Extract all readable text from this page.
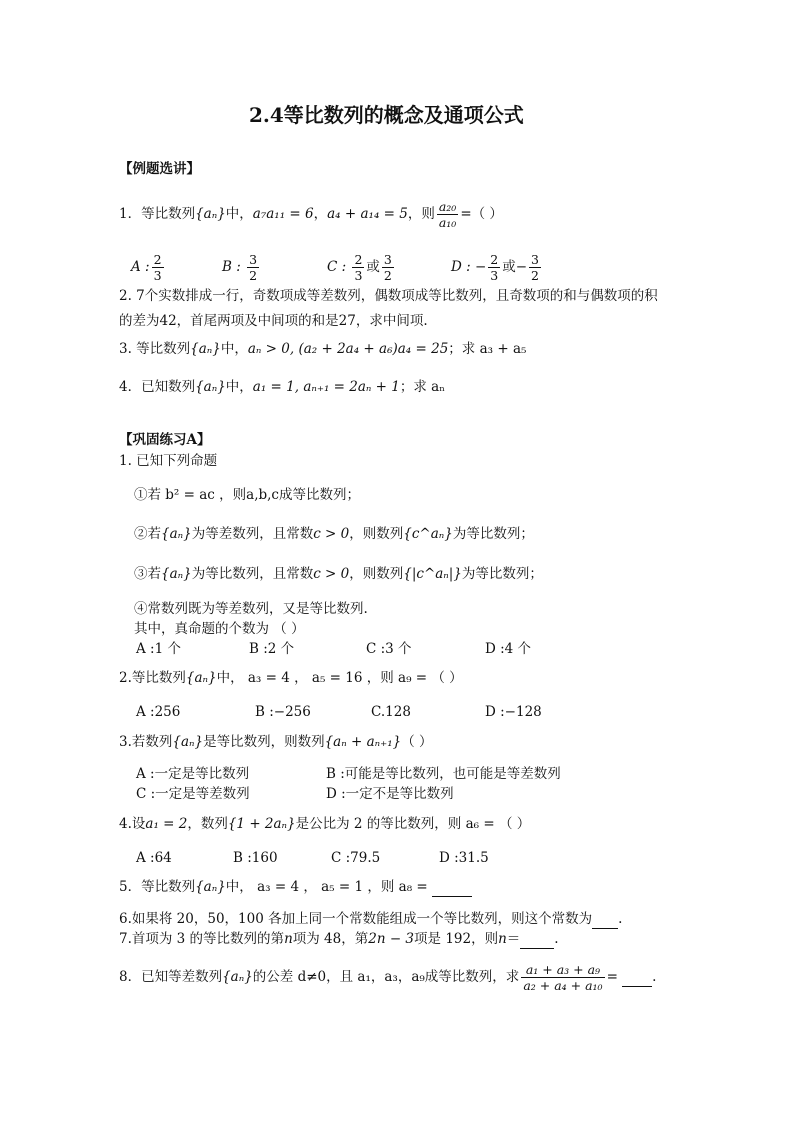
2.4等比数列的概念及通项公式
【例题选讲】
1．等比数列{aₙ}中，a₇a₁₁ = 6，a₄ + a₁₄ = 5，则 $\frac{\text{a₂₀}}{\text{a₁₀}}$ =（ ）
A : $\frac{2}{3}$	B : $\frac{3}{2}$	C : $\frac{2}{3}$ 或 $\frac{3}{2}$	D : − $\frac{2}{3}$ 或− $\frac{3}{2}$
2. 7个实数排成一行，奇数项成等差数列，偶数项成等比数列，且奇数项的和与偶数项的积
的差为42，首尾两项及中间项的和是27，求中间项.
3. 等比数列{aₙ}中，aₙ > 0, (a₂ + 2a₄ + a₆)a₄ = 25；求 a₃ + a₅
4．已知数列{aₙ}中，a₁ = 1, aₙ₊₁ = 2aₙ + 1；求 aₙ
【巩固练习A】
1. 已知下列命题
①若 b² = ac ，则a,b,c成等比数列；
②若{aₙ}为等差数列，且常数c > 0，则数列{c^aₙ}为等比数列；
③若{aₙ}为等比数列，且常数c > 0，则数列{|c^aₙ|}为等比数列；
④常数列既为等差数列，又是等比数列.
其中，真命题的个数为 （ ）
A :1 个	B :2 个	C :3 个	D :4 个
2.等比数列{aₙ}中， a₃ = 4 ， a₅ = 16 ，则 a₉ = （ ）
A :256	B :−256	C.128	D :−128
3.若数列{aₙ}是等比数列，则数列{aₙ + aₙ₊₁}（ ）
A :一定是等比数列	B :可能是等比数列，也可能是等差数列
C :一定是等差数列	D :一定不是等比数列
4.设a₁ = 2，数列{1 + 2aₙ}是公比为 2 的等比数列，则 a₆ = （ ）
A :64	B :160	C :79.5	D :31.5
5．等比数列{aₙ}中， a₃ = 4 ， a₅ = 1 ，则 a₈ =
6.如果将 20，50，100 各加上同一个常数能组成一个等比数列，则这个常数为 .
7.首项为 3 的等比数列的第n项为 48，第2n − 3项是 192，则n＝	.
8．已知等差数列{aₙ}的公差 d≠0，且 a₁，a₃，a₉成等比数列，求 $\frac{\text{a₁ + a₃ + a₉}}{\text{a₂ + a₄ + a₁₀}}$ =	.
